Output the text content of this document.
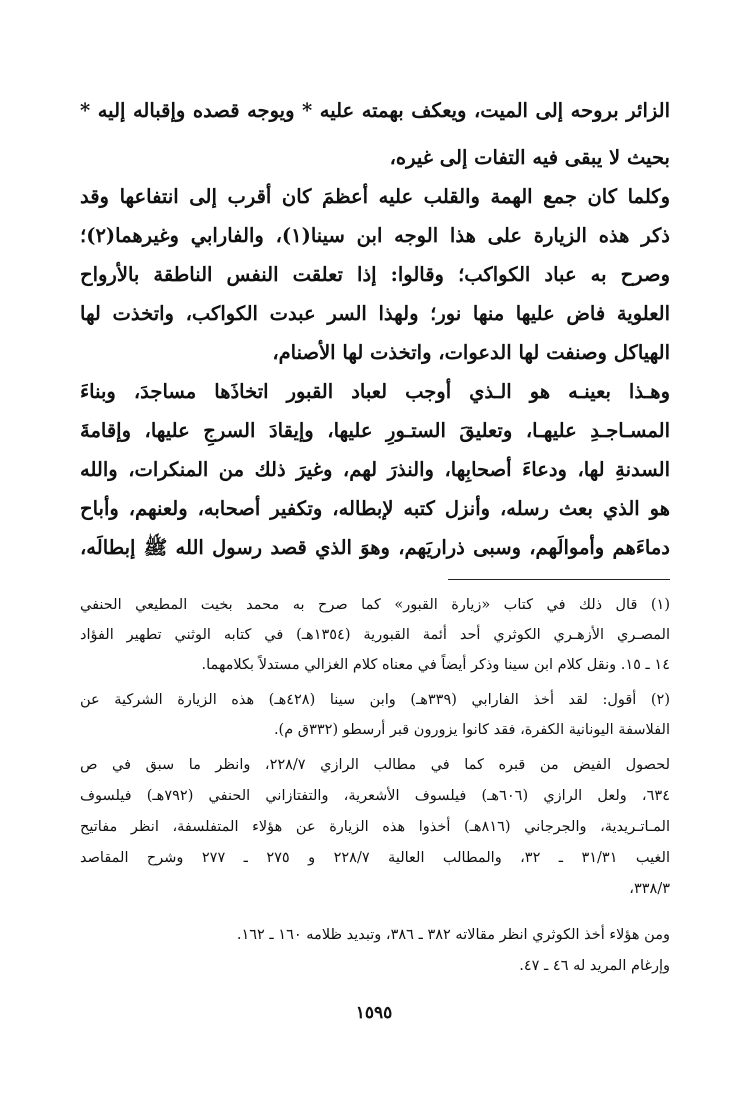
الزائر بروحه إلى الميت، ويعكف بهمته عليه * ويوجه قصده وإقباله إليه *
بحيث لا يبقى فيه التفات إلى غيره،
وكلما كان جمع الهمة والقلب عليه أعظمَ كان أقرب إلى انتفاعها وقد
ذكر هذه الزيارة على هذا الوجه ابن سينا(١)، والفارابي وغيرهما(٢)؛
وصرح به عباد الكواكب؛ وقالوا: إذا تعلقت النفس الناطقة بالأرواح
العلوية فاض عليها منها نور؛ ولهذا السر عبدت الكواكب، واتخذت لها
الهياكل وصنفت لها الدعوات، واتخذت لها الأصنام،
وهـذا بعينـه هو الـذي أوجب لعباد القبور اتخاذَها مساجدَ، وبناءَ
المسـاجـدِ عليهـا، وتعليقَ الستـورِ عليها، وإيقادَ السرجِ عليها، وإقامةَ
السدنةِ لها، ودعاءَ أصحابِها، والنذرَ لهم، وغيرَ ذلك من المنكرات، والله
هو الذي بعث رسله، وأنزل كتبه لإبطاله، وتكفير أصحابه، ولعنهم، وأباح
دماءَهم وأموالَهم، وسبى ذراريَهم، وهوَ الذي قصد رسول الله ﷺ إبطالَه،
(١) قال ذلك في كتاب «زيارة القبور» كما صرح به محمد بخيت المطيعي الحنفي
المصـري الأزهـري الكوثري أحد أئمة القبورية (١٣٥٤هـ) في كتابه الوثني تطهير الفؤاد
١٤ ـ ١٥. ونقل كلام ابن سينا وذكر أيضاً في معناه كلام الغزالي مستدلاً بكلامهما.
(٢) أقول: لقد أخذ الفارابي (٣٣٩هـ) وابن سينا (٤٢٨هـ) هذه الزيارة الشركية عن
الفلاسفة اليونانية الكفرة، فقد كانوا يزورون قبر أرسطو (٣٣٢ق م).
لحصول الفيض من قبره كما في مطالب الرازي ٢٢٨/٧، وانظر ما سبق في ص
٦٣٤، ولعل الرازي (٦٠٦هـ) فيلسوف الأشعرية، والتفتازاني الحنفي (٧٩٢هـ) فيلسوف
المـاتـريدية، والجرجاني (٨١٦هـ) أخذوا هذه الزيارة عن هؤلاء المتفلسفة، انظر مفاتيح
الغيب ٣١/٣١ ـ ٣٢، والمطالب العالية ٢٢٨/٧ و ٢٧٥ ـ ٢٧٧ وشرح المقاصد
٣٣٨/٣،
ومن هؤلاء أخذ الكوثري انظر مقالاته ٣٨٢ ـ ٣٨٦، وتبديد ظلامه ١٦٠ ـ ١٦٢.
وإرغام المريد له ٤٦ ـ ٤٧.
١٥٩٥
